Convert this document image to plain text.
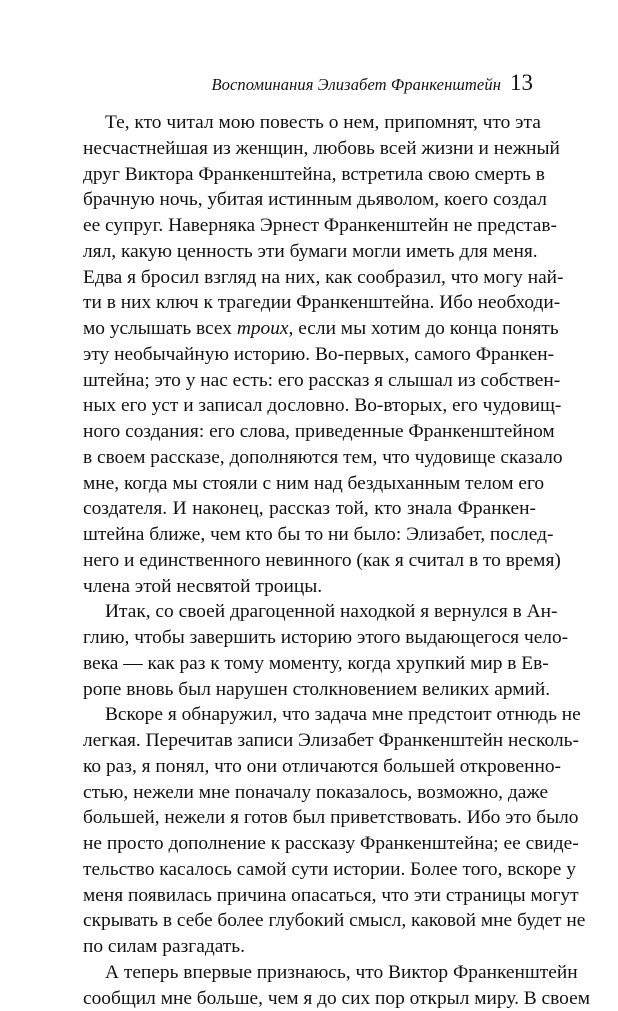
Воспоминания Элизабет Франкенштейн 13
Те, кто читал мою повесть о нем, припомнят, что эта
несчастнейшая из женщин, любовь всей жизни и нежный
друг Виктора Франкенштейна, встретила свою смерть в
брачную ночь, убитая истинным дьяволом, коего создал
ее супруг. Наверняка Эрнест Франкенштейн не представ-
лял, какую ценность эти бумаги могли иметь для меня.
Едва я бросил взгляд на них, как сообразил, что могу най-
ти в них ключ к трагедии Франкенштейна. Ибо необходи-
мо услышать всех троих, если мы хотим до конца понять
эту необычайную историю. Во-первых, самого Франкен-
штейна; это у нас есть: его рассказ я слышал из собствен-
ных его уст и записал дословно. Во-вторых, его чудовищ-
ного создания: его слова, приведенные Франкенштейном
в своем рассказе, дополняются тем, что чудовище сказало
мне, когда мы стояли с ним над бездыханным телом его
создателя. И наконец, рассказ той, кто знала Франкен-
штейна ближе, чем кто бы то ни было: Элизабет, послед-
него и единственного невинного (как я считал в то время)
члена этой несвятой троицы.
Итак, со своей драгоценной находкой я вернулся в Ан-
глию, чтобы завершить историю этого выдающегося чело-
века — как раз к тому моменту, когда хрупкий мир в Ев-
ропе вновь был нарушен столкновением великих армий.
Вскоре я обнаружил, что задача мне предстоит отнюдь не
легкая. Перечитав записи Элизабет Франкенштейн несколь-
ко раз, я понял, что они отличаются большей откровенно-
стью, нежели мне поначалу показалось, возможно, даже
большей, нежели я готов был приветствовать. Ибо это было
не просто дополнение к рассказу Франкенштейна; ее свиде-
тельство касалось самой сути истории. Более того, вскоре у
меня появилась причина опасаться, что эти страницы могут
скрывать в себе более глубокий смысл, каковой мне будет не
по силам разгадать.
А теперь впервые признаюсь, что Виктор Франкенштейн
сообщил мне больше, чем я до сих пор открыл миру. В своем
